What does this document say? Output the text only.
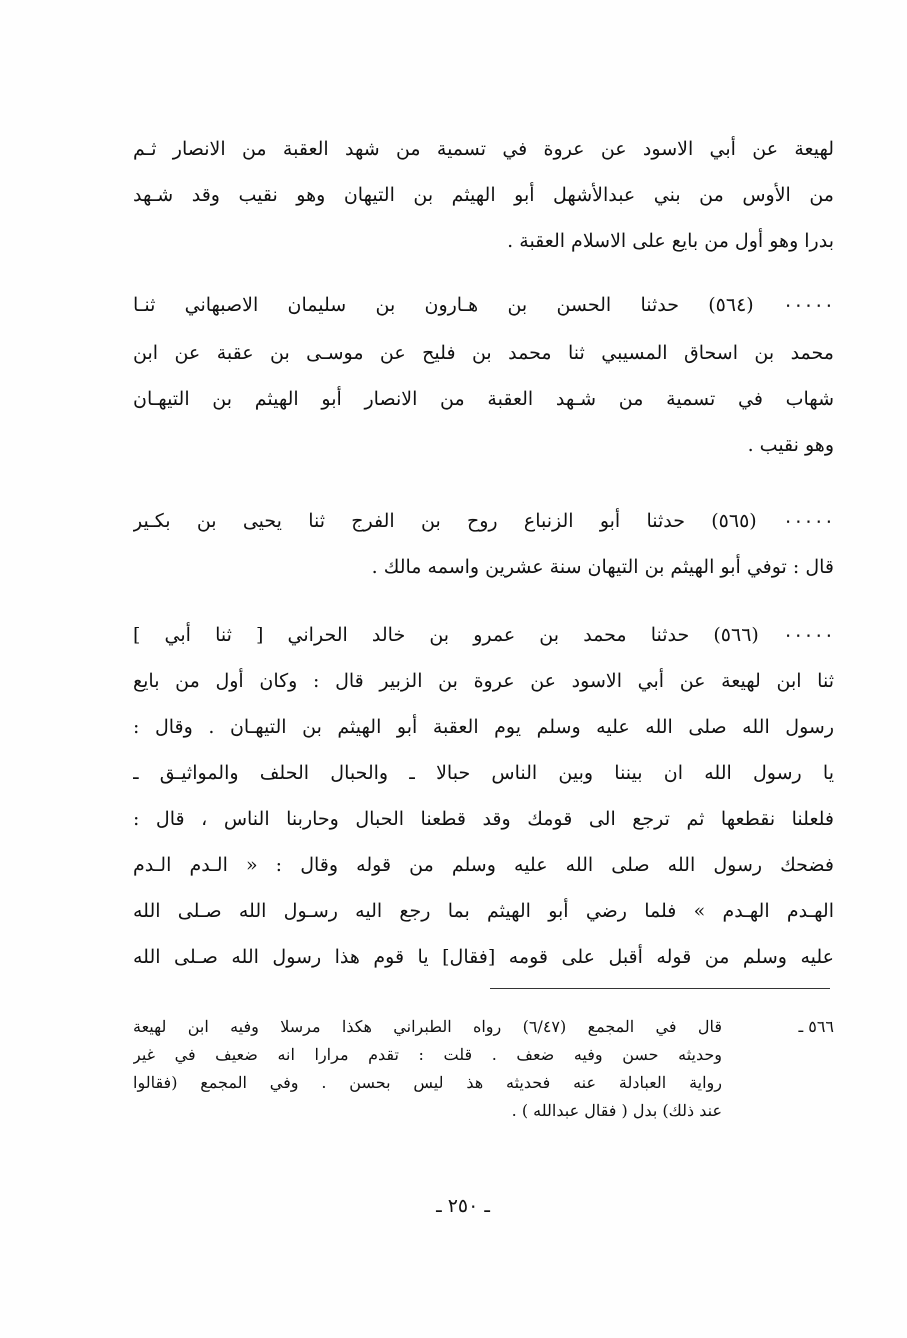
لهيعة عن أبي الاسود عن عروة في تسمية من شهد العقبة من الانصار ثـم
من الأوس من بني عبدالأشهل أبو الهيثم بن التيهان وهو نقيب وقد شـهد
بدرا وهو أول من بايع على الاسلام العقبة .
٠٠٠٠٠ (٥٦٤) حدثنا الحسن بن هـارون بن سليمان الاصبهاني ثنـا
محمد بن اسحاق المسيبي ثنا محمد بن فليح عن موسـى بن عقبة عن ابن
شهاب في تسمية من شـهد العقبة من الانصار أبو الهيثم بن التيهـان
وهو نقيب .
٠٠٠٠٠ (٥٦٥) حدثنا أبو الزنباع روح بن الفرج ثنا يحيى بن بكـير
قال : توفي أبو الهيثم بن التيهان سنة عشرين واسمه مالك .
٠٠٠٠٠ (٥٦٦) حدثنا محمد بن عمرو بن خالد الحراني [ ثنا أبي ]
ثنا ابن لهيعة عن أبي الاسود عن عروة بن الزبير قال : وكان أول من بايع
رسول الله صلى الله عليه وسلم يوم العقبة أبو الهيثم بن التيهـان . وقال :
يا رسول الله ان بيننا وبين الناس حبالا ـ والحبال الحلف والمواثيـق ـ
فلعلنا نقطعها ثم ترجع الى قومك وقد قطعنا الحبال وحاربنا الناس ، قال :
فضحك رسول الله صلى الله عليه وسلم من قوله وقال : « الـدم الـدم
الهـدم الهـدم » فلما رضي أبو الهيثم بما رجع اليه رسـول الله صـلى الله
عليه وسلم من قوله أقبل على قومه [فقال] يا قوم هذا رسول الله صـلى الله
٥٦٦ ـ
قال في المجمع (٦/٤٧) رواه الطبراني هكذا مرسلا وفيه ابن لهيعة
وحديثه حسن وفيه ضعف . قلت : تقدم مرارا انه ضعيف في غير
رواية العبادلة عنه فحديثه هذ ليس بحسن . وفي المجمع (فقالوا
عند ذلك) بدل ( فقال عبدالله ) .
ـ ٢٥٠ ـ
